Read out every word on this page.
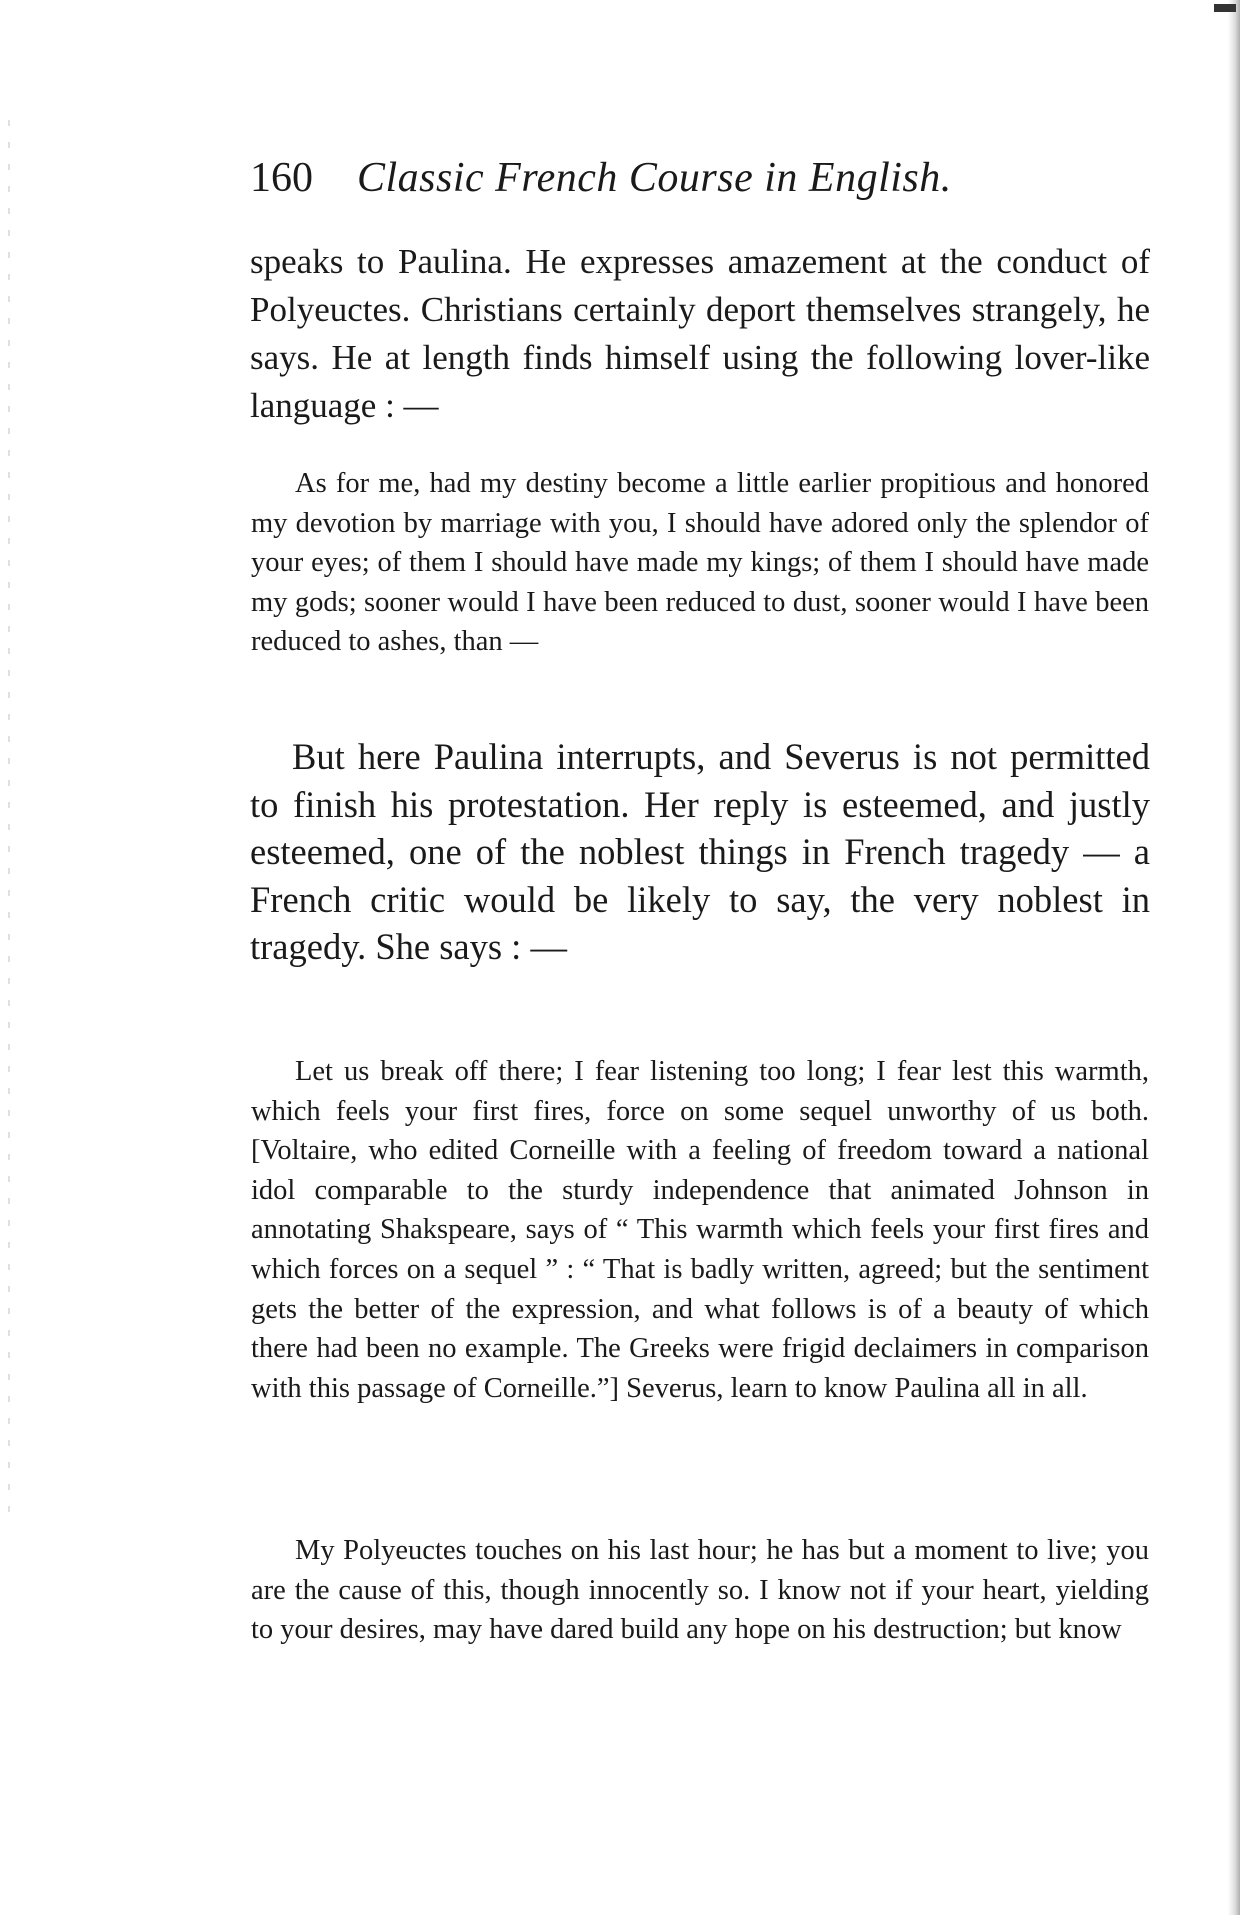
160 Classic French Course in English.

speaks to Paulina. He expresses amazement at the conduct of Polyeuctes. Christians certainly deport themselves strangely, he says. He at length finds himself using the following lover-like language : —

As for me, had my destiny become a little earlier propitious and honored my devotion by marriage with you, I should have adored only the splendor of your eyes; of them I should have made my kings; of them I should have made my gods; sooner would I have been reduced to dust, sooner would I have been reduced to ashes, than —

But here Paulina interrupts, and Severus is not permitted to finish his protestation. Her reply is esteemed, and justly esteemed, one of the noblest things in French tragedy — a French critic would be likely to say, the very noblest in tragedy. She says : —

Let us break off there; I fear listening too long; I fear lest this warmth, which feels your first fires, force on some sequel unworthy of us both. [Voltaire, who edited Corneille with a feeling of freedom toward a national idol comparable to the sturdy independence that animated Johnson in annotating Shakspeare, says of “ This warmth which feels your first fires and which forces on a sequel ” : “ That is badly written, agreed; but the sentiment gets the better of the expression, and what follows is of a beauty of which there had been no example. The Greeks were frigid declaimers in comparison with this passage of Corneille.”] Severus, learn to know Paulina all in all.

My Polyeuctes touches on his last hour; he has but a moment to live; you are the cause of this, though innocently so. I know not if your heart, yielding to your desires, may have dared build any hope on his destruction; but know
